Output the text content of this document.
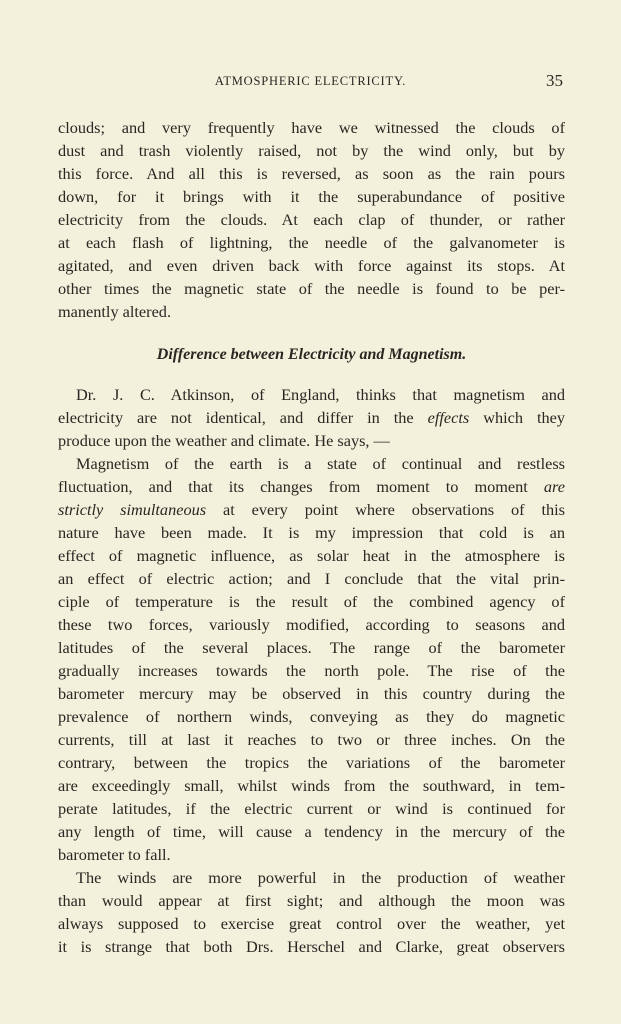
ATMOSPHERIC ELECTRICITY.	35
clouds; and very frequently have we witnessed the clouds of
dust and trash violently raised, not by the wind only, but by
this force. And all this is reversed, as soon as the rain pours
down, for it brings with it the superabundance of positive
electricity from the clouds. At each clap of thunder, or rather
at each flash of lightning, the needle of the galvanometer is
agitated, and even driven back with force against its stops. At
other times the magnetic state of the needle is found to be per-
manently altered.
Difference between Electricity and Magnetism.
Dr. J. C. Atkinson, of England, thinks that magnetism and
electricity are not identical, and differ in the effects which they
produce upon the weather and climate. He says, —
Magnetism of the earth is a state of continual and restless
fluctuation, and that its changes from moment to moment are
strictly simultaneous at every point where observations of this
nature have been made. It is my impression that cold is an
effect of magnetic influence, as solar heat in the atmosphere is
an effect of electric action; and I conclude that the vital prin-
ciple of temperature is the result of the combined agency of
these two forces, variously modified, according to seasons and
latitudes of the several places. The range of the barometer
gradually increases towards the north pole. The rise of the
barometer mercury may be observed in this country during the
prevalence of northern winds, conveying as they do magnetic
currents, till at last it reaches to two or three inches. On the
contrary, between the tropics the variations of the barometer
are exceedingly small, whilst winds from the southward, in tem-
perate latitudes, if the electric current or wind is continued for
any length of time, will cause a tendency in the mercury of the
barometer to fall.
The winds are more powerful in the production of weather
than would appear at first sight; and although the moon was
always supposed to exercise great control over the weather, yet
it is strange that both Drs. Herschel and Clarke, great observers
